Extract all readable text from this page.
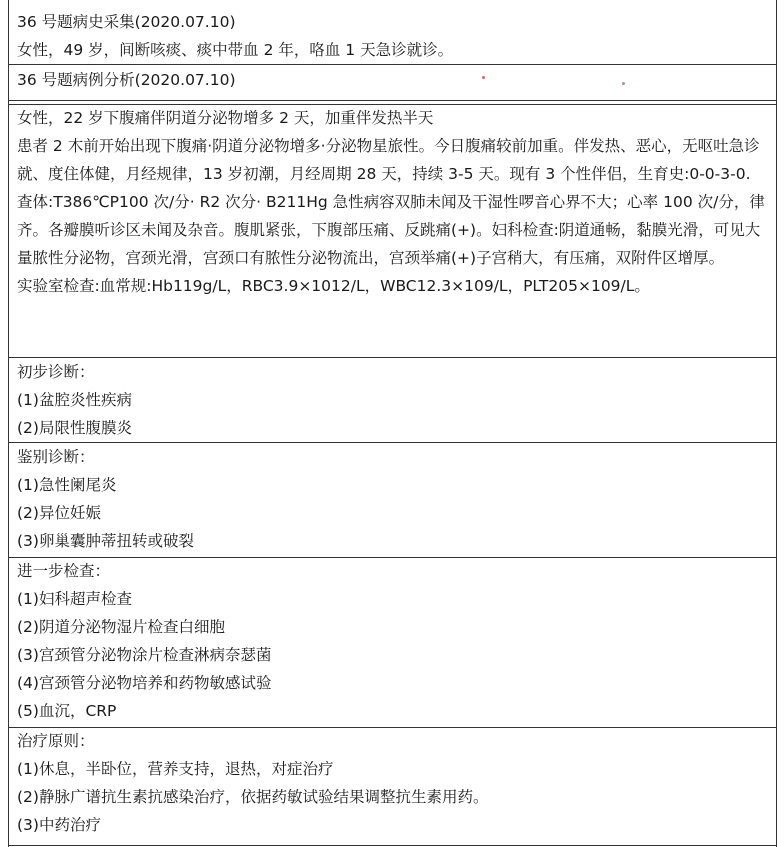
36 号题病史采集(2020.07.10)
女性，49 岁，间断咳痰、痰中带血 2 年，咯血 1 天急诊就诊。
36 号题病例分析(2020.07.10)
女性，22 岁下腹痛伴阴道分泌物增多 2 天，加重伴发热半天
患者 2 木前开始出现下腹痛·阴道分泌物增多·分泌物星旅性。今日腹痛较前加重。伴发热、恶心，无呕吐急诊就、度住体健，月经规律，13 岁初潮，月经周期 28 天，持续 3-5 天。现有 3 个性伴侣，生育史:0-0-3-0.
查体:T386℃P100 次/分· R2 次分· B211Hg 急性病容双肺未闻及干湿性啰音心界不大；心率 100 次/分，律齐。各瓣膜听诊区未闻及杂音。腹肌紧张，下腹部压痛、反跳痛(+)。妇科检查:阴道通畅，黏膜光滑，可见大量脓性分泌物，宫颈光滑，宫颈口有脓性分泌物流出，宫颈举痛(+)子宫稍大，有压痛，双附件区增厚。
实验室检查:血常规:Hb119g/L，RBC3.9×1012/L，WBC12.3×109/L，PLT205×109/L。
初步诊断：
(1)盆腔炎性疾病
(2)局限性腹膜炎
鉴别诊断：
(1)急性阑尾炎
(2)异位妊娠
(3)卵巢囊肿蒂扭转或破裂
进一步检查：
(1)妇科超声检查
(2)阴道分泌物湿片检查白细胞
(3)宫颈管分泌物涂片检查淋病奈瑟菌
(4)宫颈管分泌物培养和药物敏感试验
(5)血沉，CRP
治疗原则：
(1)休息，半卧位，营养支持，退热，对症治疗
(2)静脉广谱抗生素抗感染治疗，依据药敏试验结果调整抗生素用药。
(3)中药治疗
